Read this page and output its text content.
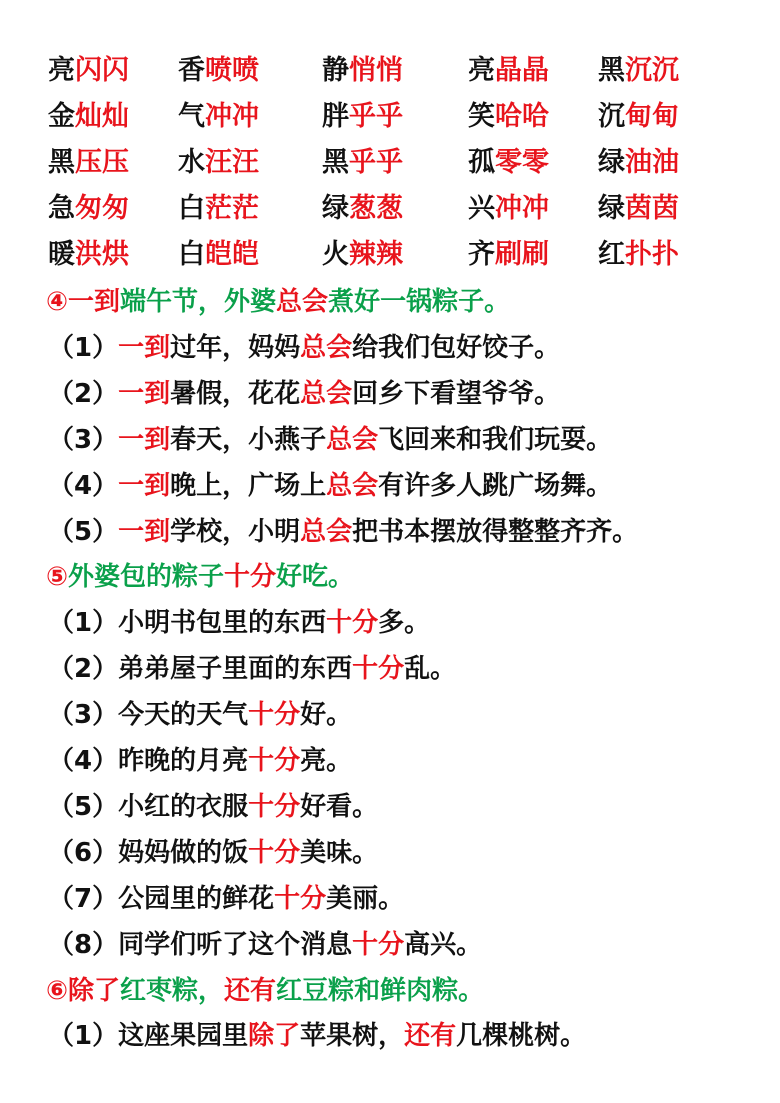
亮闪闪 香喷喷 静悄悄 亮晶晶 黑沉沉
金灿灿 气冲冲 胖乎乎 笑哈哈 沉甸甸
黑压压 水汪汪 黑乎乎 孤零零 绿油油
急匆匆 白茫茫 绿葱葱 兴冲冲 绿茵茵
暖洪烘 白皑皑 火辣辣 齐刷刷 红扑扑
④一到端午节，外婆总会煮好一锅粽子。
（1）一到过年，妈妈总会给我们包好饺子。
（2）一到暑假，花花总会回乡下看望爷爷。
（3）一到春天，小燕子总会飞回来和我们玩耍。
（4）一到晚上，广场上总会有许多人跳广场舞。
（5）一到学校，小明总会把书本摆放得整整齐齐。
⑤外婆包的粽子十分好吃。
（1）小明书包里的东西十分多。
（2）弟弟屋子里面的东西十分乱。
（3）今天的天气十分好。
（4）昨晚的月亮十分亮。
（5）小红的衣服十分好看。
（6）妈妈做的饭十分美味。
（7）公园里的鲜花十分美丽。
（8）同学们听了这个消息十分高兴。
⑥除了红枣粽，还有红豆粽和鲜肉粽。
（1）这座果园里除了苹果树，还有几棵桃树。
